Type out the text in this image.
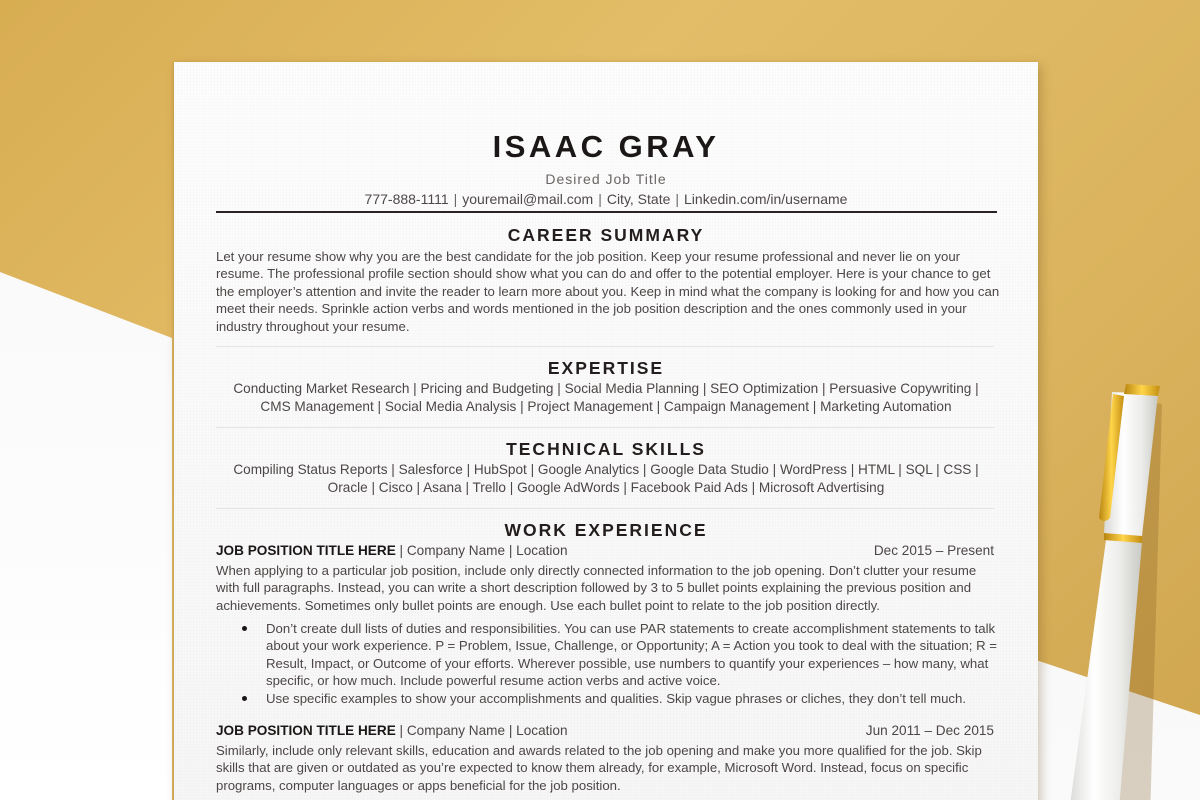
ISAAC GRAY
Desired Job Title
777-888-1111 | youremail@mail.com | City, State | Linkedin.com/in/username
CAREER SUMMARY
Let your resume show why you are the best candidate for the job position. Keep your resume professional and never lie on your resume. The professional profile section should show what you can do and offer to the potential employer. Here is your chance to get the employer’s attention and invite the reader to learn more about you. Keep in mind what the company is looking for and how you can meet their needs. Sprinkle action verbs and words mentioned in the job position description and the ones commonly used in your industry throughout your resume.
EXPERTISE
Conducting Market Research | Pricing and Budgeting | Social Media Planning | SEO Optimization | Persuasive Copywriting |
CMS Management | Social Media Analysis | Project Management | Campaign Management | Marketing Automation
TECHNICAL SKILLS
Compiling Status Reports | Salesforce | HubSpot | Google Analytics | Google Data Studio | WordPress | HTML | SQL | CSS |
Oracle | Cisco | Asana | Trello | Google AdWords | Facebook Paid Ads | Microsoft Advertising
WORK EXPERIENCE
JOB POSITION TITLE HERE | Company Name | Location	Dec 2015 – Present
When applying to a particular job position, include only directly connected information to the job opening. Don’t clutter your resume with full paragraphs. Instead, you can write a short description followed by 3 to 5 bullet points explaining the previous position and achievements. Sometimes only bullet points are enough. Use each bullet point to relate to the job position directly.
Don’t create dull lists of duties and responsibilities. You can use PAR statements to create accomplishment statements to talk about your work experience. P = Problem, Issue, Challenge, or Opportunity; A = Action you took to deal with the situation; R = Result, Impact, or Outcome of your efforts. Wherever possible, use numbers to quantify your experiences – how many, what specific, or how much. Include powerful resume action verbs and active voice.
Use specific examples to show your accomplishments and qualities. Skip vague phrases or cliches, they don’t tell much.
JOB POSITION TITLE HERE | Company Name | Location	Jun 2011 – Dec 2015
Similarly, include only relevant skills, education and awards related to the job opening and make you more qualified for the job. Skip skills that are given or outdated as you’re expected to know them already, for example, Microsoft Word. Instead, focus on specific programs, computer languages or apps beneficial for the job position.
